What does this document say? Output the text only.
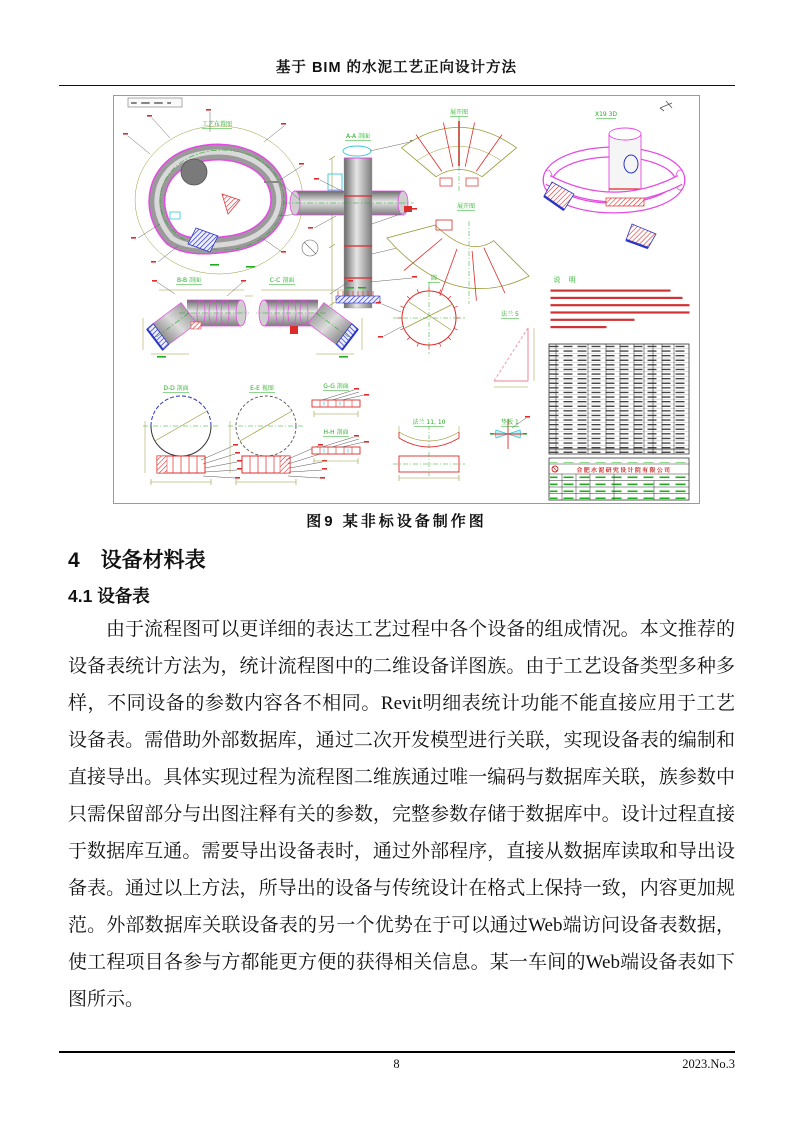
基于 BIM 的水泥工艺正向设计方法
工艺布置图
A-A 剖面
展开图
展开图
X19 3D
B-B 剖面	C-C 剖面	圆
法兰 5
D-D 剖面	E-E 视图	G-G 剖面
H-H 剖面
法兰 11, 10	垫板 1
说 明
合肥水泥研究设计院有限公司
图9 某非标设备制作图
4　设备材料表
4.1 设备表
由于流程图可以更详细的表达工艺过程中各个设备的组成情况。本文推荐的设备表统计方法为，统计流程图中的二维设备详图族。由于工艺设备类型多种多样，不同设备的参数内容各不相同。Revit明细表统计功能不能直接应用于工艺设备表。需借助外部数据库，通过二次开发模型进行关联，实现设备表的编制和直接导出。具体实现过程为流程图二维族通过唯一编码与数据库关联，族参数中只需保留部分与出图注释有关的参数，完整参数存储于数据库中。设计过程直接于数据库互通。需要导出设备表时，通过外部程序，直接从数据库读取和导出设备表。通过以上方法，所导出的设备与传统设计在格式上保持一致，内容更加规范。外部数据库关联设备表的另一个优势在于可以通过Web端访问设备表数据，使工程项目各参与方都能更方便的获得相关信息。某一车间的Web端设备表如下图所示。
8	2023.No.3
